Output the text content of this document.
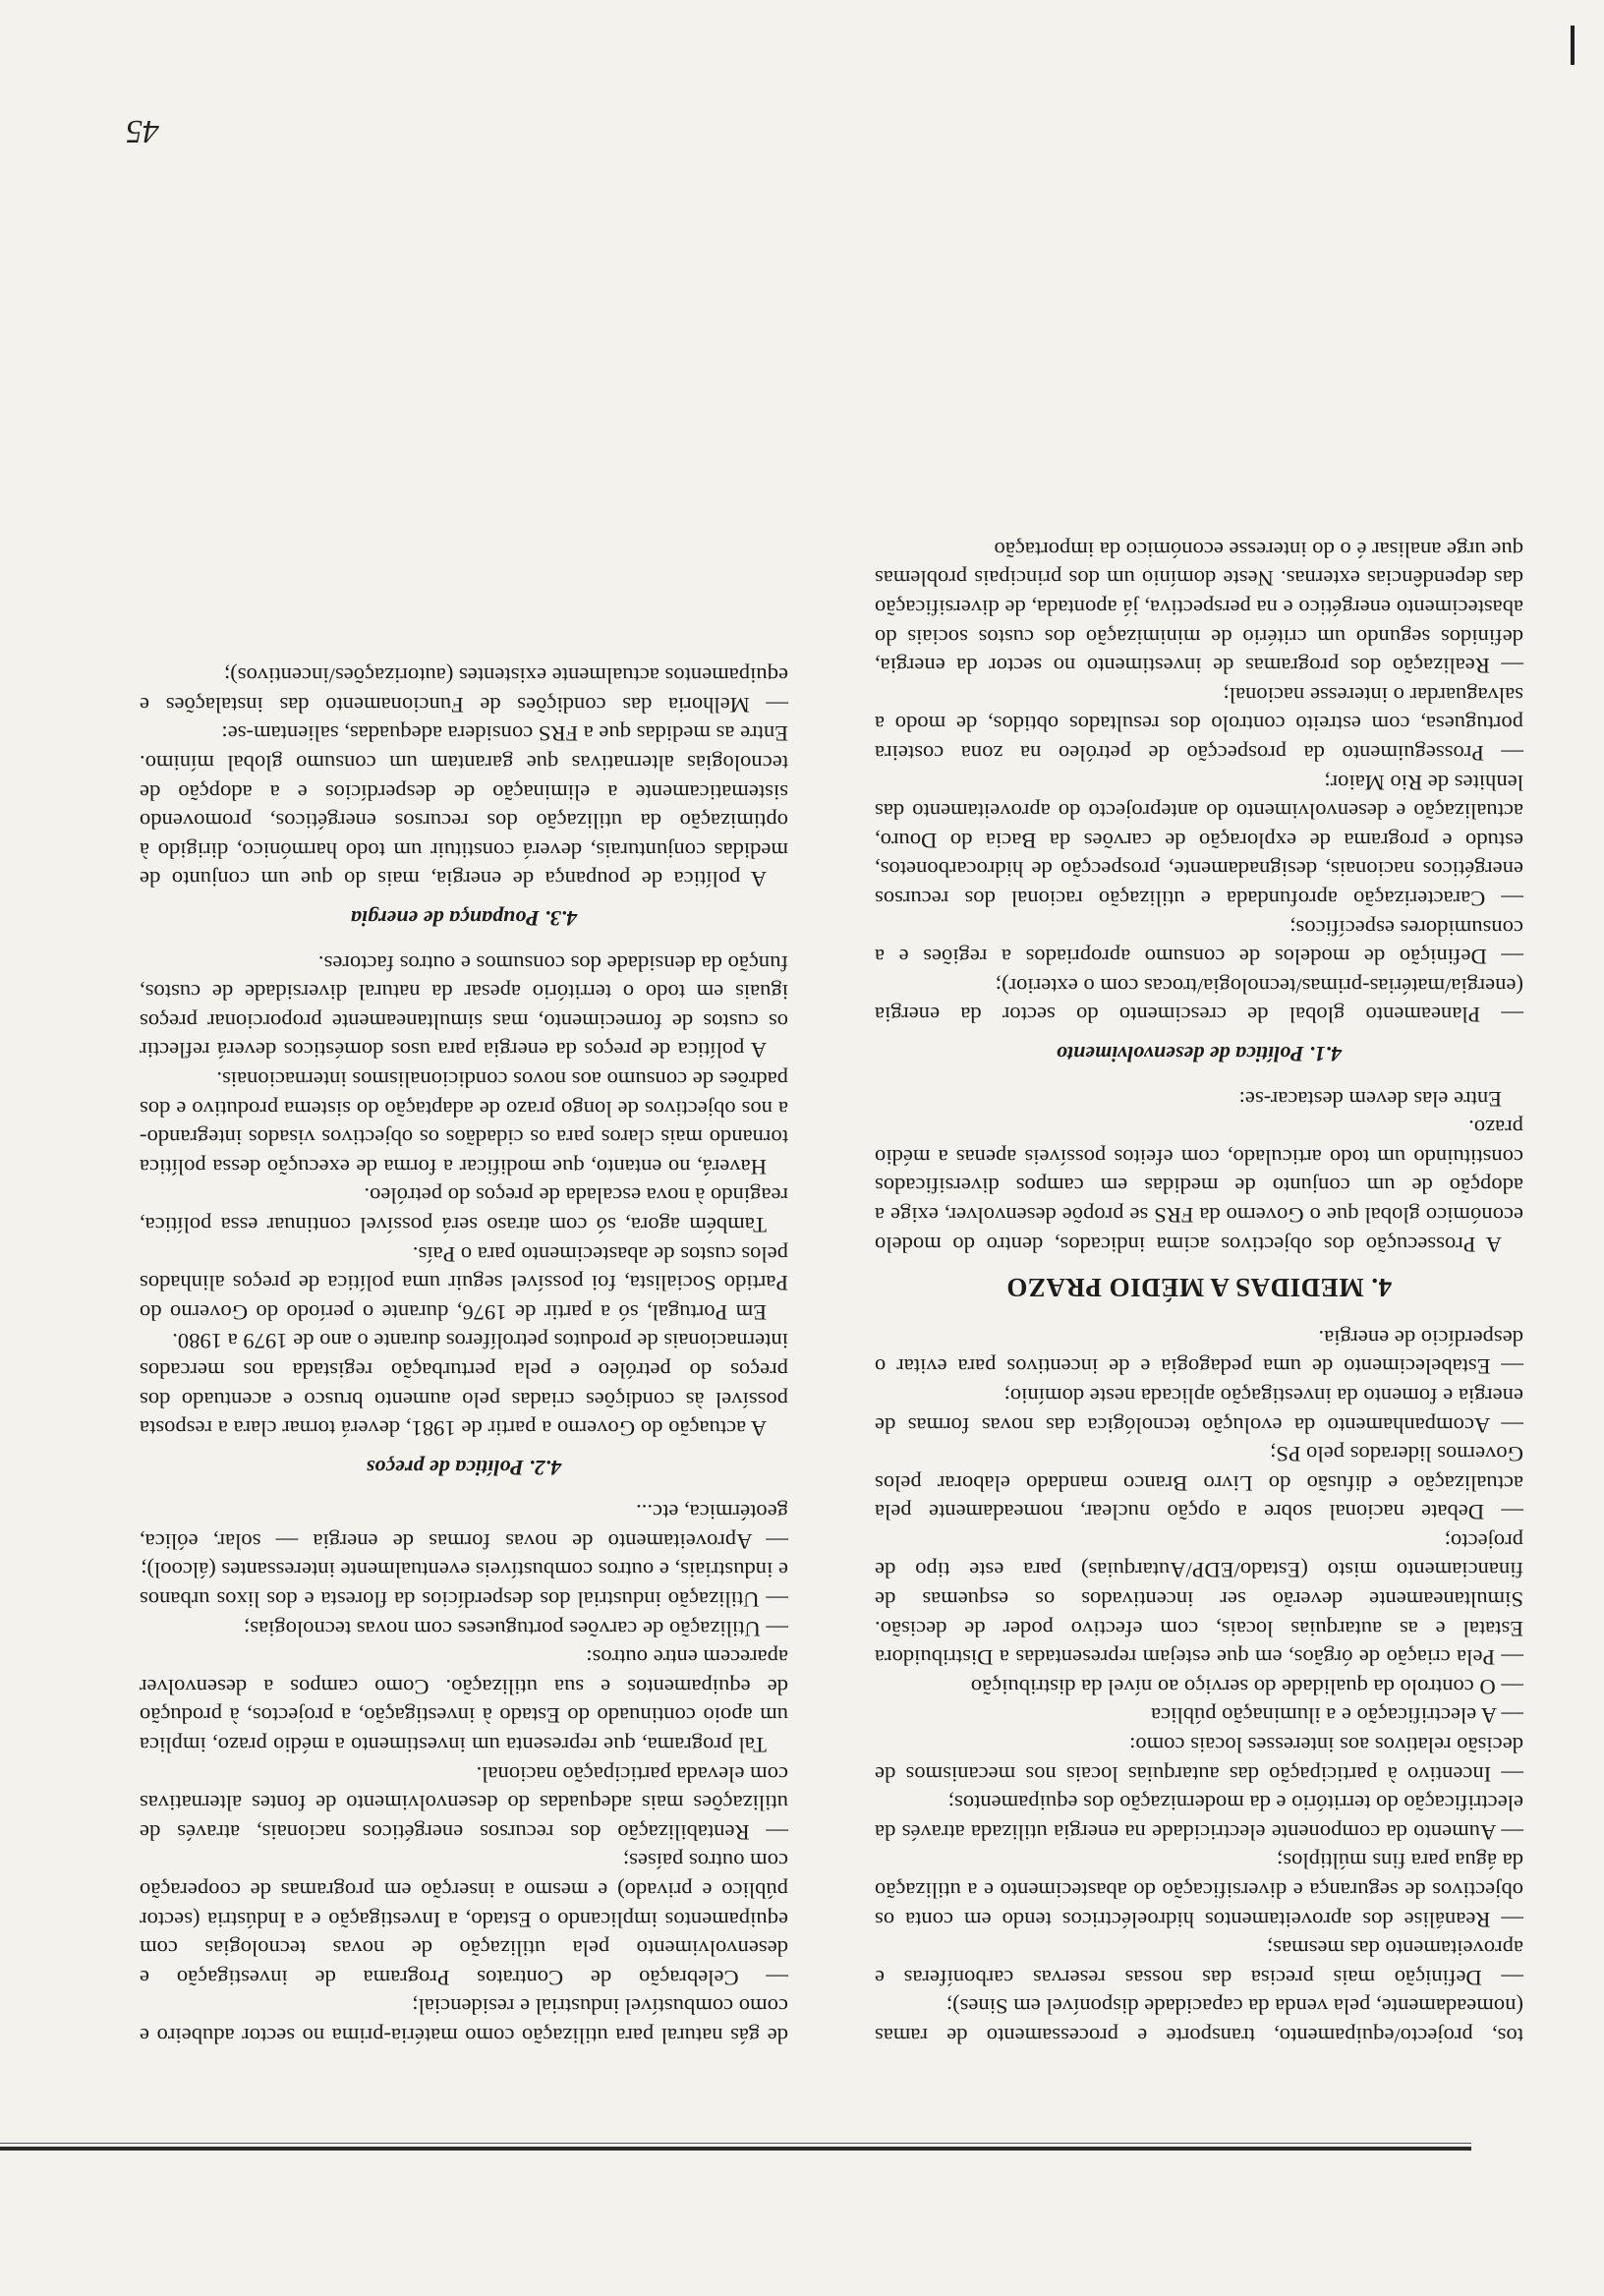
tos, projecto/equipamento, transporte e processamento de ramas (nomeadamente, pela venda da capacidade disponível em Sines);

— Definição mais precisa das nossas reservas carboníferas e aproveitamento das mesmas;

— Reanálise dos aproveitamentos hidroeléctricos tendo em conta os objectivos de segurança e diversificação do abastecimento e a utilização da água para fins múltiplos;

— Aumento da componente electricidade na energia utilizada através da electrificação do território e da modernização dos equipamentos;

— Incentivo à participação das autarquias locais nos mecanismos de decisão relativos aos interesses locais como:

— A electrificação e a iluminação pública

— O controlo da qualidade do serviço ao nível da distribuição

— Pela criação de órgãos, em que estejam representadas a Distribuidora Estatal e as autarquias locais, com efectivo poder de decisão. Simultaneamente deverão ser incentivados os esquemas de financiamento misto (Estado/EDP/Autarquias) para este tipo de projecto;

— Debate nacional sobre a opção nuclear, nomeadamente pela actualização e difusão do Livro Branco mandado elaborar pelos Governos liderados pelo PS;

— Acompanhamento da evolução tecnológica das novas formas de energia e fomento da investigação aplicada neste domínio;

— Estabelecimento de uma pedagogia e de incentivos para evitar o desperdício de energia.

4. MEDIDAS A MÉDIO PRAZO

A Prossecução dos objectivos acima indicados, dentro do modelo económico global que o Governo da FRS se propõe desenvolver, exige a adopção de um conjunto de medidas em campos diversificados constituindo um todo articulado, com efeitos possíveis apenas a médio prazo.

Entre elas devem destacar-se:

4.1. Política de desenvolvimento

— Planeamento global de crescimento do sector da energia (energia/matérias-primas/tecnologia/trocas com o exterior);

— Definição de modelos de consumo apropriados a regiões e a consumidores específicos;

— Caracterização aprofundada e utilização racional dos recursos energéticos nacionais, designadamente, prospecção de hidrocarbonetos, estudo e programa de exploração de carvões da Bacia do Douro, actualização e desenvolvimento do anteprojecto do aproveitamento das lenhites de Rio Maior;

— Prosseguimento da prospecção de petróleo na zona costeira portuguesa, com estreito controlo dos resultados obtidos, de modo a salvaguardar o interesse nacional;

— Realização dos programas de investimento no sector da energia, definidos segundo um critério de minimização dos custos sociais do abastecimento energético e na perspectiva, já apontada, de diversificação das dependências externas. Neste domínio um dos principais problemas que urge analisar é o do interesse económico da importação

de gás natural para utilização como matéria-prima no sector adubeiro e como combustível industrial e residencial;

— Celebração de Contratos Programa de investigação e desenvolvimento pela utilização de novas tecnologias com equipamentos implicando o Estado, a Investigação e a Indústria (sector público e privado) e mesmo a inserção em programas de cooperação com outros países;

— Rentabilização dos recursos energéticos nacionais, através de utilizações mais adequadas do desenvolvimento de fontes alternativas com elevada participação nacional.

Tal programa, que representa um investimento a médio prazo, implica um apoio continuado do Estado à investigação, a projectos, à produção de equipamentos e sua utilização. Como campos a desenvolver aparecem entre outros:

— Utilização de carvões portugueses com novas tecnologias;

— Utilização industrial dos desperdícios da floresta e dos lixos urbanos e industriais, e outros combustíveis eventualmente interessantes (álcool);

— Aproveitamento de novas formas de energia — solar, eólica, geotérmica, etc...

4.2. Política de preços

A actuação do Governo a partir de 1981, deverá tornar clara a resposta possível às condições criadas pelo aumento brusco e acentuado dos preços do petróleo e pela perturbação registada nos mercados internacionais de produtos petrolíferos durante o ano de 1979 a 1980.

Em Portugal, só a partir de 1976, durante o período do Governo do Partido Socialista, foi possível seguir uma política de preços alinhados pelos custos de abastecimento para o País.

Também agora, só com atraso será possível continuar essa política, reagindo à nova escalada de preços do petróleo.

Haverá, no entanto, que modificar a forma de execução dessa política tornando mais claros para os cidadãos os objectivos visados integrando-a nos objectivos de longo prazo de adaptação do sistema produtivo e dos padrões de consumo aos novos condicionalismos internacionais.

A política de preços da energia para usos domésticos deverá reflectir os custos de fornecimento, mas simultaneamente proporcionar preços iguais em todo o território apesar da natural diversidade de custos, função da densidade dos consumos e outros factores.

4.3. Poupança de energia

A política de poupança de energia, mais do que um conjunto de medidas conjunturais, deverá constituir um todo harmónico, dirigido à optimização da utilização dos recursos energéticos, promovendo sistematicamente a eliminação de desperdícios e a adopção de tecnologias alternativas que garantam um consumo global mínimo. Entre as medidas que a FRS considera adequadas, salientam-se:

— Melhoria das condições de Funcionamento das instalações e equipamentos actualmente existentes (autorizações/incentivos);

45
